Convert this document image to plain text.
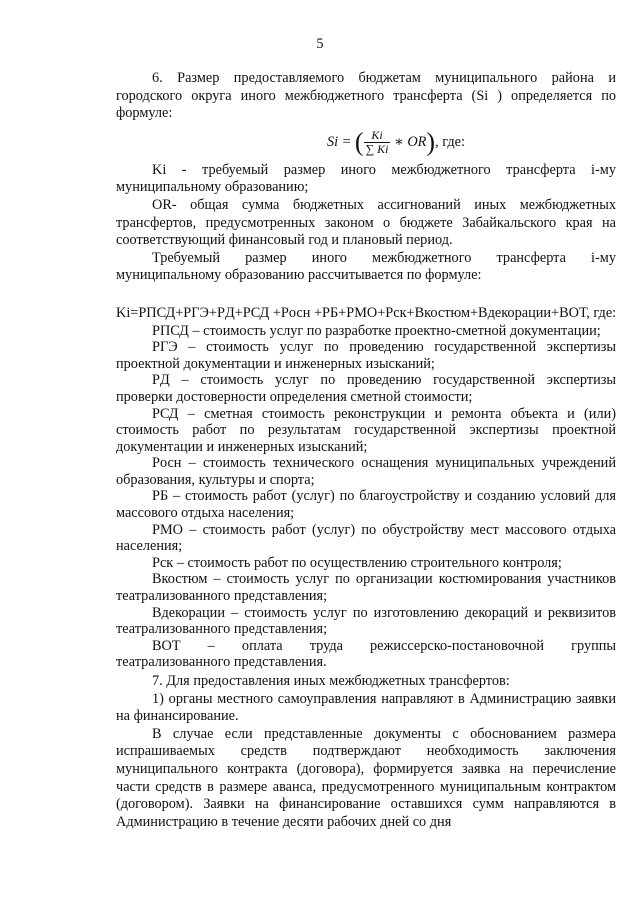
5

6. Размер предоставляемого бюджетам муниципального района и городского округа иного межбюджетного трансферта (Si ) определяется по формуле:

Si = ( $\frac{Ki}{\sum Ki}$ ∗ OR), где:

Ki - требуемый размер иного межбюджетного трансферта i-му муниципальному образованию;

OR- общая сумма бюджетных ассигнований иных межбюджетных трансфертов, предусмотренных законом о бюджете Забайкальского края на соответствующий финансовый год и плановый период.

Требуемый размер иного межбюджетного трансферта i-му муниципальному образованию рассчитывается по формуле:

Ki=PПСД+PГЭ+PД+PСД +Pосн +PБ+PМО+Pск+Bкостюм+Bдекорации+BОТ, где:

PПСД – стоимость услуг по разработке проектно-сметной документации;

PГЭ – стоимость услуг по проведению государственной экспертизы проектной документации и инженерных изысканий;

PД – стоимость услуг по проведению государственной экспертизы проверки достоверности определения сметной стоимости;

PСД – сметная стоимость реконструкции и ремонта объекта и (или) стоимость работ по результатам государственной экспертизы проектной документации и инженерных изысканий;

Pосн – стоимость технического оснащения муниципальных учреждений образования, культуры и спорта;

PБ – стоимость работ (услуг) по благоустройству и созданию условий для массового отдыха населения;

PМО – стоимость работ (услуг) по обустройству мест массового отдыха населения;

Pск – стоимость работ по осуществлению строительного контроля;

Bкостюм – стоимость услуг по организации костюмирования участников театрализованного представления;

Bдекорации – стоимость услуг по изготовлению декораций и реквизитов театрализованного представления;

BОТ – оплата труда режиссерско-постановочной группы театрализованного представления.

7. Для предоставления иных межбюджетных трансфертов:

1) органы местного самоуправления направляют в Администрацию заявки на финансирование.

В случае если представленные документы с обоснованием размера испрашиваемых средств подтверждают необходимость заключения муниципального контракта (договора), формируется заявка на перечисление части средств в размере аванса, предусмотренного муниципальным контрактом (договором). Заявки на финансирование оставшихся сумм направляются в Администрацию в течение десяти рабочих дней со дня
